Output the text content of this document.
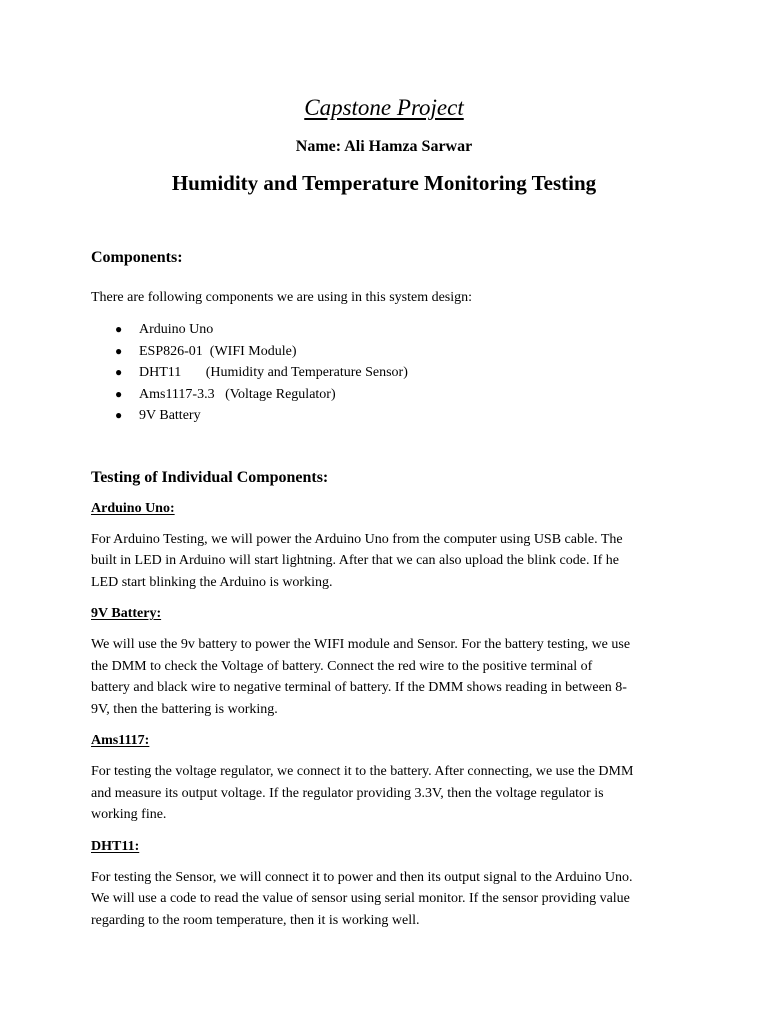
Capstone Project
Name: Ali Hamza Sarwar
Humidity and Temperature Monitoring Testing
Components:

There are following components we are using in this system design:

● Arduino Uno
● ESP826-01  (WIFI Module)
● DHT11       (Humidity and Temperature Sensor)
● Ams1117-3.3   (Voltage Regulator)
● 9V Battery
Testing of Individual Components:
Arduino Uno:

For Arduino Testing, we will power the Arduino Uno from the computer using USB cable. The
built in LED in Arduino will start lightning. After that we can also upload the blink code. If he
LED start blinking the Arduino is working.

9V Battery:

We will use the 9v battery to power the WIFI module and Sensor. For the battery testing, we use
the DMM to check the Voltage of battery. Connect the red wire to the positive terminal of
battery and black wire to negative terminal of battery. If the DMM shows reading in between 8-
9V, then the battering is working.

Ams1117:

For testing the voltage regulator, we connect it to the battery. After connecting, we use the DMM
and measure its output voltage. If the regulator providing 3.3V, then the voltage regulator is
working fine.

DHT11:

For testing the Sensor, we will connect it to power and then its output signal to the Arduino Uno.
We will use a code to read the value of sensor using serial monitor. If the sensor providing value
regarding to the room temperature, then it is working well.
